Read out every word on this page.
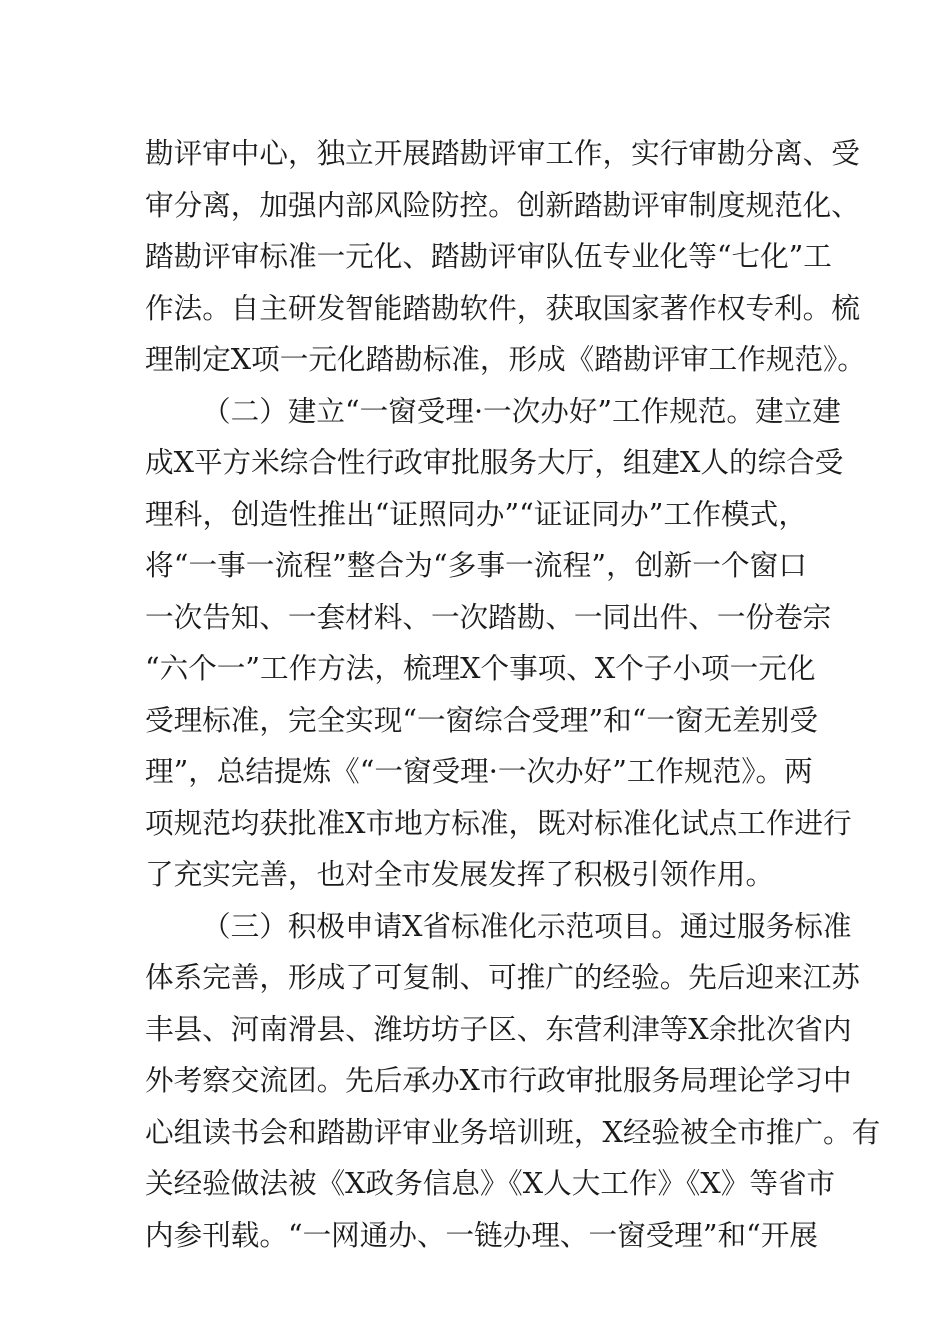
勘评审中心，独立开展踏勘评审工作，实行审勘分离、受
审分离，加强内部风险防控。创新踏勘评审制度规范化、
踏勘评审标准一元化、踏勘评审队伍专业化等“七化”工
作法。自主研发智能踏勘软件，获取国家著作权专利。梳
理制定X项一元化踏勘标准，形成《踏勘评审工作规范》。
（二）建立“一窗受理·一次办好”工作规范。建立建
成X平方米综合性行政审批服务大厅，组建X人的综合受
理科，创造性推出“证照同办”“证证同办”工作模式，
将“一事一流程”整合为“多事一流程”，创新一个窗口
一次告知、一套材料、一次踏勘、一同出件、一份卷宗
“六个一”工作方法，梳理X个事项、X个子小项一元化
受理标准，完全实现“一窗综合受理”和“一窗无差别受
理”，总结提炼《“一窗受理·一次办好”工作规范》。两
项规范均获批准X市地方标准，既对标准化试点工作进行
了充实完善，也对全市发展发挥了积极引领作用。
（三）积极申请X省标准化示范项目。通过服务标准
体系完善，形成了可复制、可推广的经验。先后迎来江苏
丰县、河南滑县、潍坊坊子区、东营利津等X余批次省内
外考察交流团。先后承办X市行政审批服务局理论学习中
心组读书会和踏勘评审业务培训班，X经验被全市推广。有
关经验做法被《X政务信息》《X人大工作》《X》等省市
内参刊载。“一网通办、一链办理、一窗受理”和“开展
